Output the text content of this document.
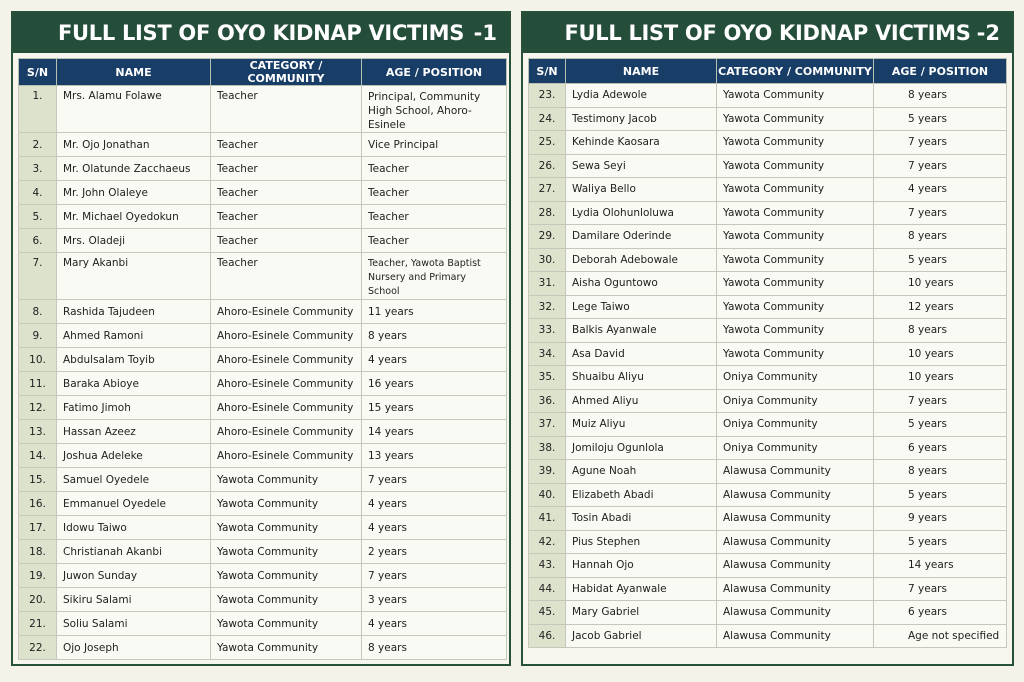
FULL LIST OF OYO KIDNAP VICTIMS -1
S/N	NAME	CATEGORY / COMMUNITY	AGE / POSITION
1.	Mrs. Alamu Folawe	Teacher	Principal, Community High School, Ahoro-Esinele
2.	Mr. Ojo Jonathan	Teacher	Vice Principal
3.	Mr. Olatunde Zacchaeus	Teacher	Teacher
4.	Mr. John Olaleye	Teacher	Teacher
5.	Mr. Michael Oyedokun	Teacher	Teacher
6.	Mrs. Oladeji	Teacher	Teacher
7.	Mary Akanbi	Teacher	Teacher, Yawota Baptist Nursery and Primary School
8.	Rashida Tajudeen	Ahoro-Esinele Community	11 years
9.	Ahmed Ramoni	Ahoro-Esinele Community	8 years
10.	Abdulsalam Toyib	Ahoro-Esinele Community	4 years
11.	Baraka Abioye	Ahoro-Esinele Community	16 years
12.	Fatimo Jimoh	Ahoro-Esinele Community	15 years
13.	Hassan Azeez	Ahoro-Esinele Community	14 years
14.	Joshua Adeleke	Ahoro-Esinele Community	13 years
15.	Samuel Oyedele	Yawota Community	7 years
16.	Emmanuel Oyedele	Yawota Community	4 years
17.	Idowu Taiwo	Yawota Community	4 years
18.	Christianah Akanbi	Yawota Community	2 years
19.	Juwon Sunday	Yawota Community	7 years
20.	Sikiru Salami	Yawota Community	3 years
21.	Soliu Salami	Yawota Community	4 years
22.	Ojo Joseph	Yawota Community	8 years
FULL LIST OF OYO KIDNAP VICTIMS -2
S/N	NAME	CATEGORY / COMMUNITY	AGE / POSITION
23.	Lydia Adewole	Yawota Community	8 years
24.	Testimony Jacob	Yawota Community	5 years
25.	Kehinde Kaosara	Yawota Community	7 years
26.	Sewa Seyi	Yawota Community	7 years
27.	Waliya Bello	Yawota Community	4 years
28.	Lydia Olohunloluwa	Yawota Community	7 years
29.	Damilare Oderinde	Yawota Community	8 years
30.	Deborah Adebowale	Yawota Community	5 years
31.	Aisha Oguntowo	Yawota Community	10 years
32.	Lege Taiwo	Yawota Community	12 years
33.	Balkis Ayanwale	Yawota Community	8 years
34.	Asa David	Yawota Community	10 years
35.	Shuaibu Aliyu	Oniya Community	10 years
36.	Ahmed Aliyu	Oniya Community	7 years
37.	Muiz Aliyu	Oniya Community	5 years
38.	Jomiloju Ogunlola	Oniya Community	6 years
39.	Agune Noah	Alawusa Community	8 years
40.	Elizabeth Abadi	Alawusa Community	5 years
41.	Tosin Abadi	Alawusa Community	9 years
42.	Pius Stephen	Alawusa Community	5 years
43.	Hannah Ojo	Alawusa Community	14 years
44.	Habidat Ayanwale	Alawusa Community	7 years
45.	Mary Gabriel	Alawusa Community	6 years
46.	Jacob Gabriel	Alawusa Community	Age not specified
